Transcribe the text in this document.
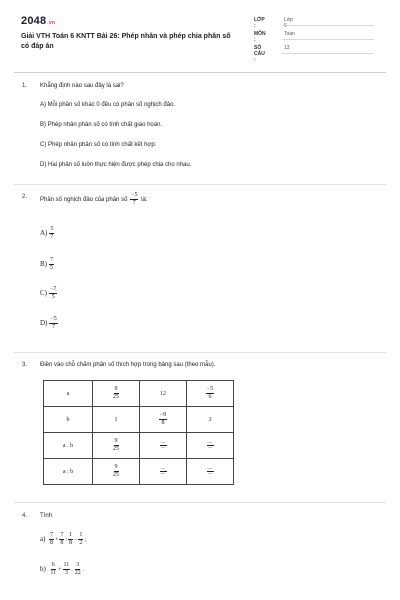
2048.vn
Giải VTH Toán 6 KNTT Bài 26: Phép nhân và phép chia phân số có đáp án
LỚP :
Lớp 6
MÔN :
Toán
SỐ CÂU :
13
1. Khẳng định nào sau đây là sai?
A) Mỗi phân số khác 0 đều có phân số nghịch đảo.
B) Phép nhân phân số có tính chất giao hoán.
C) Phép nhân phân số có tính chất kết hợp.
D) Hai phân số luôn thực hiện được phép chia cho nhau.
2.
Phân số nghịch đảo của phân số $\frac{-5}{7}$ là:
$A) \frac{5}{7}$
$B) \frac{7}{5}$
$C) \frac{-7}{5}$
$D) \frac{-5}{7}$
3. Điền vào chỗ chấm phân số thích hợp trong bảng sau (theo mẫu).
a	$\frac{9}{25}$	12	$\frac{-5}{6}$

b	1	$\frac{-9}{8}$	3
a . b	$\frac{9}{25}$	$\frac{....}{....}$	$\frac{....}{....}$

a : b	$\frac{9}{25}$	$\frac{....}{....}$	$\frac{....}{....}$
4. Tính
$a) \frac{7}{8} + \frac{7}{8}$ : $\frac{1}{8} - \frac{1}{2}$ ;
$b) \frac{6}{11} + \frac{11}{3}$ . $\frac{3}{22}$ .
